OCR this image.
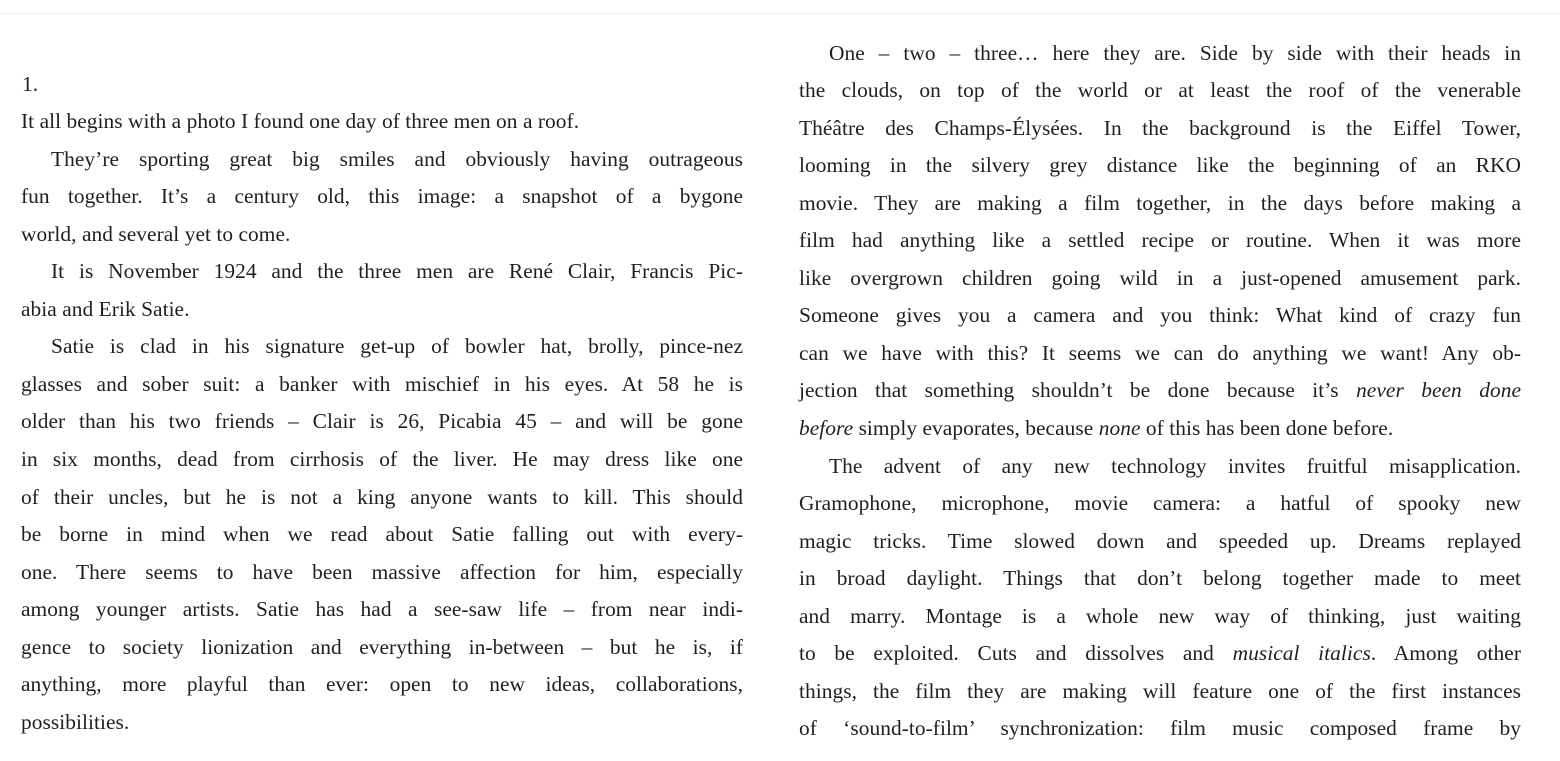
1.
It all begins with a photo I found one day of three men on a roof.
They’re sporting great big smiles and obviously having outrageous
fun together. It’s a century old, this image: a snapshot of a bygone
world, and several yet to come.
It is November 1924 and the three men are René Clair, Francis Pic-
abia and Erik Satie.
Satie is clad in his signature get-up of bowler hat, brolly, pince-nez
glasses and sober suit: a banker with mischief in his eyes. At 58 he is
older than his two friends – Clair is 26, Picabia 45 – and will be gone
in six months, dead from cirrhosis of the liver. He may dress like one
of their uncles, but he is not a king anyone wants to kill. This should
be borne in mind when we read about Satie falling out with every-
one. There seems to have been massive affection for him, especially
among younger artists. Satie has had a see-saw life – from near indi-
gence to society lionization and everything in-between – but he is, if
anything, more playful than ever: open to new ideas, collaborations,
possibilities.
One – two – three… here they are. Side by side with their heads in
the clouds, on top of the world or at least the roof of the venerable
Théâtre des Champs-Élysées. In the background is the Eiffel Tower,
looming in the silvery grey distance like the beginning of an RKO
movie. They are making a film together, in the days before making a
film had anything like a settled recipe or routine. When it was more
like overgrown children going wild in a just-opened amusement park.
Someone gives you a camera and you think: What kind of crazy fun
can we have with this? It seems we can do anything we want! Any ob-
jection that something shouldn’t be done because it’s never been done
before simply evaporates, because none of this has been done before.
The advent of any new technology invites fruitful misapplication.
Gramophone, microphone, movie camera: a hatful of spooky new
magic tricks. Time slowed down and speeded up. Dreams replayed
in broad daylight. Things that don’t belong together made to meet
and marry. Montage is a whole new way of thinking, just waiting
to be exploited. Cuts and dissolves and musical italics. Among other
things, the film they are making will feature one of the first instances
of ‘sound-to-film’ synchronization: film music composed frame by
